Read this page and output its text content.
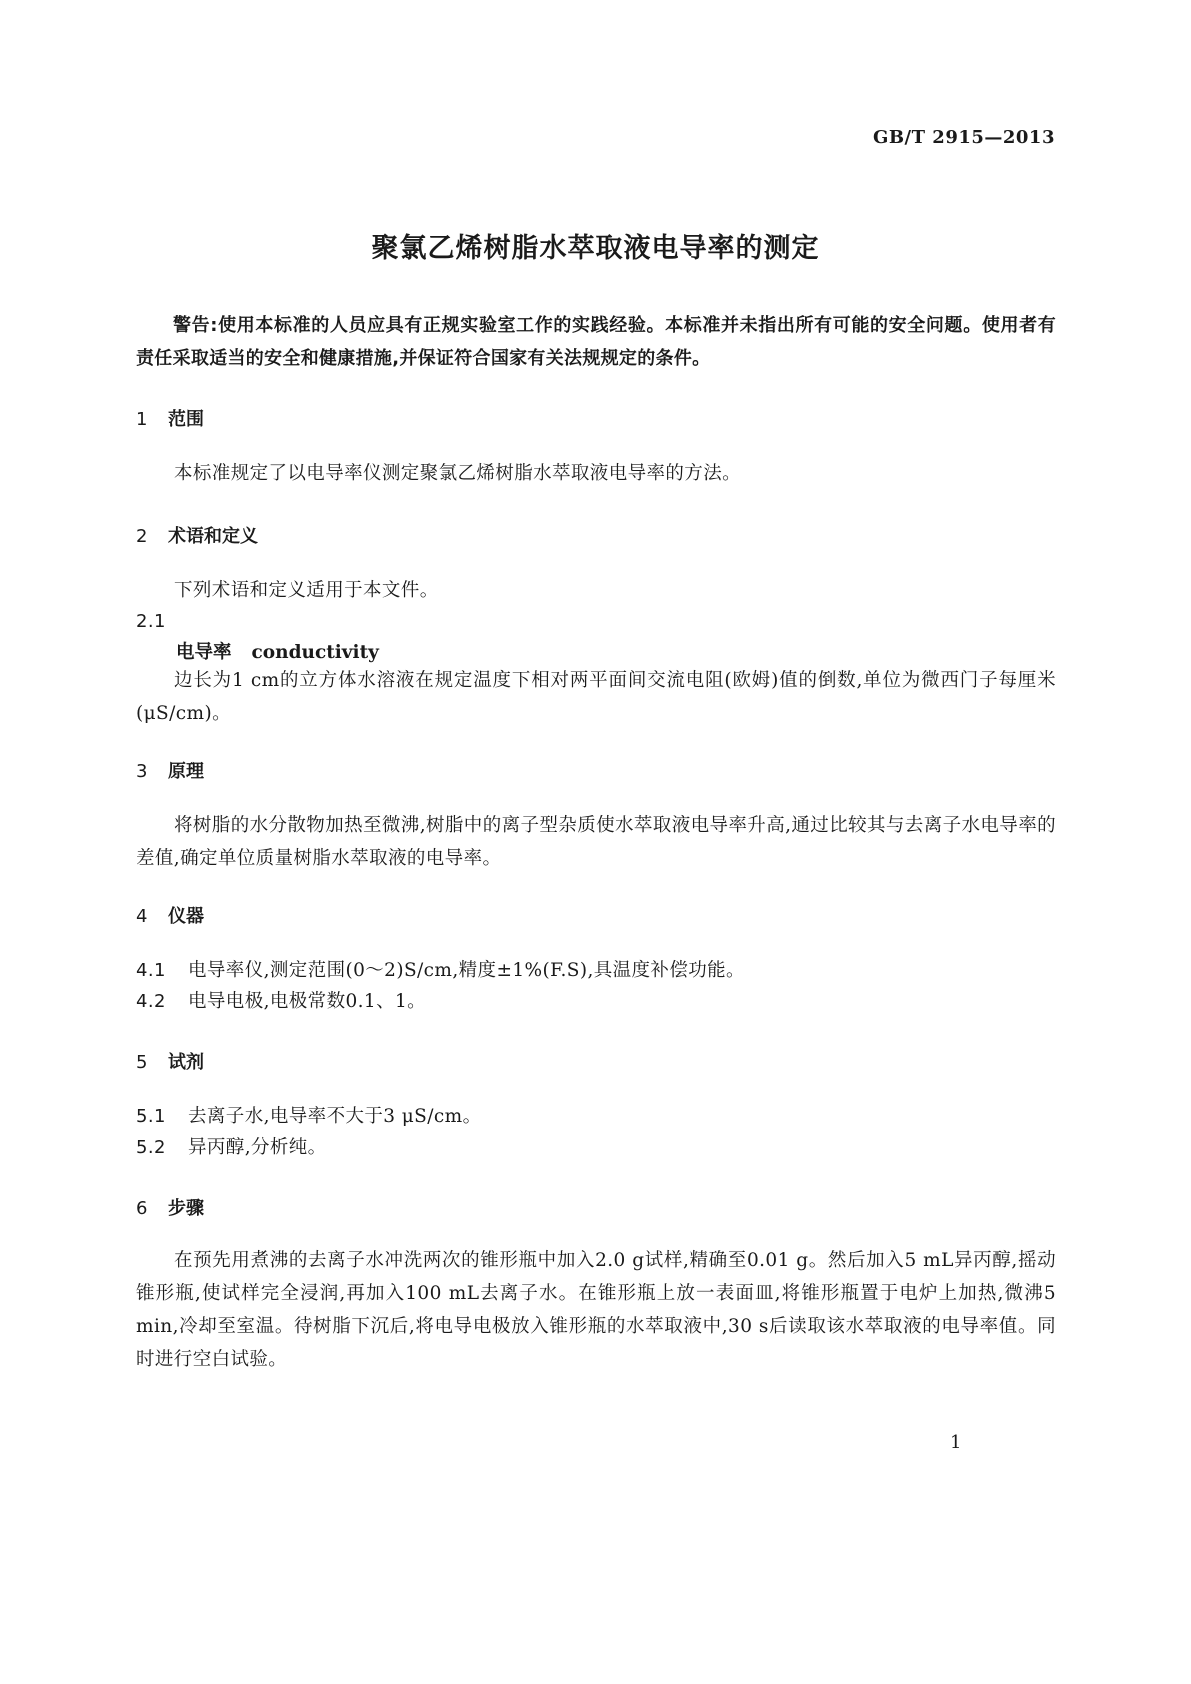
GB/T 2915—2013
聚氯乙烯树脂水萃取液电导率的测定
警告:使用本标准的人员应具有正规实验室工作的实践经验。本标准并未指出所有可能的安全问题。使用者有责任采取适当的安全和健康措施,并保证符合国家有关法规规定的条件。
1 范围
本标准规定了以电导率仪测定聚氯乙烯树脂水萃取液电导率的方法。
2 术语和定义
下列术语和定义适用于本文件。
2.1
电导率 conductivity
边长为1 cm的立方体水溶液在规定温度下相对两平面间交流电阻(欧姆)值的倒数,单位为微西门子每厘米(μS/cm)。
3 原理
将树脂的水分散物加热至微沸,树脂中的离子型杂质使水萃取液电导率升高,通过比较其与去离子水电导率的差值,确定单位质量树脂水萃取液的电导率。
4 仪器
4.1 电导率仪,测定范围(0～2)S/cm,精度±1%(F.S),具温度补偿功能。
4.2 电导电极,电极常数0.1、1。
5 试剂
5.1 去离子水,电导率不大于3 μS/cm。
5.2 异丙醇,分析纯。
6 步骤
在预先用煮沸的去离子水冲洗两次的锥形瓶中加入2.0 g试样,精确至0.01 g。然后加入5 mL异丙醇,摇动锥形瓶,使试样完全浸润,再加入100 mL去离子水。在锥形瓶上放一表面皿,将锥形瓶置于电炉上加热,微沸5 min,冷却至室温。待树脂下沉后,将电导电极放入锥形瓶的水萃取液中,30 s后读取该水萃取液的电导率值。同时进行空白试验。
1
